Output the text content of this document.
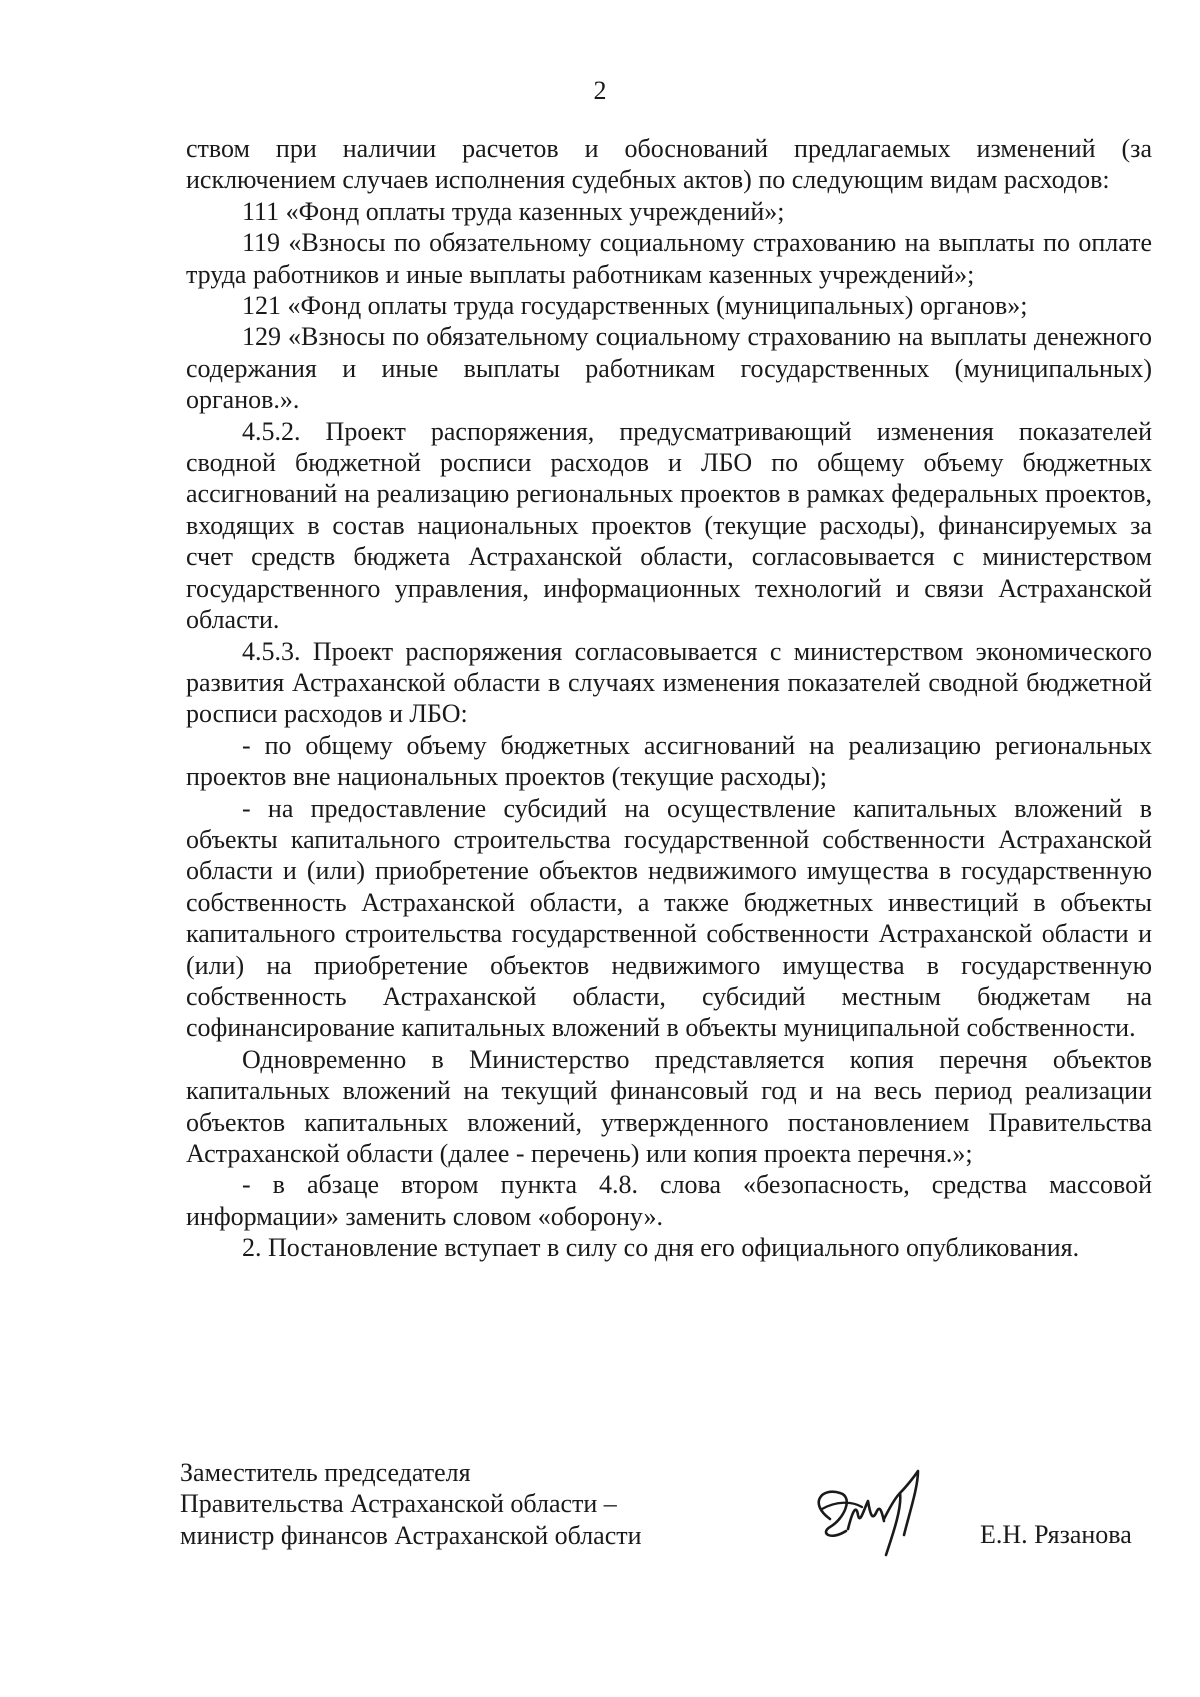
2

ством при наличии расчетов и обоснований предлагаемых изменений (за исключением случаев исполнения судебных актов) по следующим видам расходов:

111 «Фонд оплаты труда казенных учреждений»;

119 «Взносы по обязательному социальному страхованию на выплаты по оплате труда работников и иные выплаты работникам казенных учреждений»;

121 «Фонд оплаты труда государственных (муниципальных) органов»;

129 «Взносы по обязательному социальному страхованию на выплаты денежного содержания и иные выплаты работникам государственных (муниципальных) органов.».

4.5.2. Проект распоряжения, предусматривающий изменения показателей сводной бюджетной росписи расходов и ЛБО по общему объему бюджетных ассигнований на реализацию региональных проектов в рамках федеральных проектов, входящих в состав национальных проектов (текущие расходы), финансируемых за счет средств бюджета Астраханской области, согласовывается с министерством государственного управления, информационных технологий и связи Астраханской области.

4.5.3. Проект распоряжения согласовывается с министерством экономического развития Астраханской области в случаях изменения показателей сводной бюджетной росписи расходов и ЛБО:

- по общему объему бюджетных ассигнований на реализацию региональных проектов вне национальных проектов (текущие расходы);

- на предоставление субсидий на осуществление капитальных вложений в объекты капитального строительства государственной собственности Астраханской области и (или) приобретение объектов недвижимого имущества в государственную собственность Астраханской области, а также бюджетных инвестиций в объекты капитального строительства государственной собственности Астраханской области и (или) на приобретение объектов недвижимого имущества в государственную собственность Астраханской области, субсидий местным бюджетам на софинансирование капитальных вложений в объекты муниципальной собственности.

Одновременно в Министерство представляется копия перечня объектов капитальных вложений на текущий финансовый год и на весь период реализации объектов капитальных вложений, утвержденного постановлением Правительства Астраханской области (далее - перечень) или копия проекта перечня.»;

- в абзаце втором пункта 4.8. слова «безопасность, средства массовой информации» заменить словом «оборону».

2. Постановление вступает в силу со дня его официального опубликования.

Заместитель председателя
Правительства Астраханской области –
министр финансов Астраханской области	Е.Н. Рязанова
